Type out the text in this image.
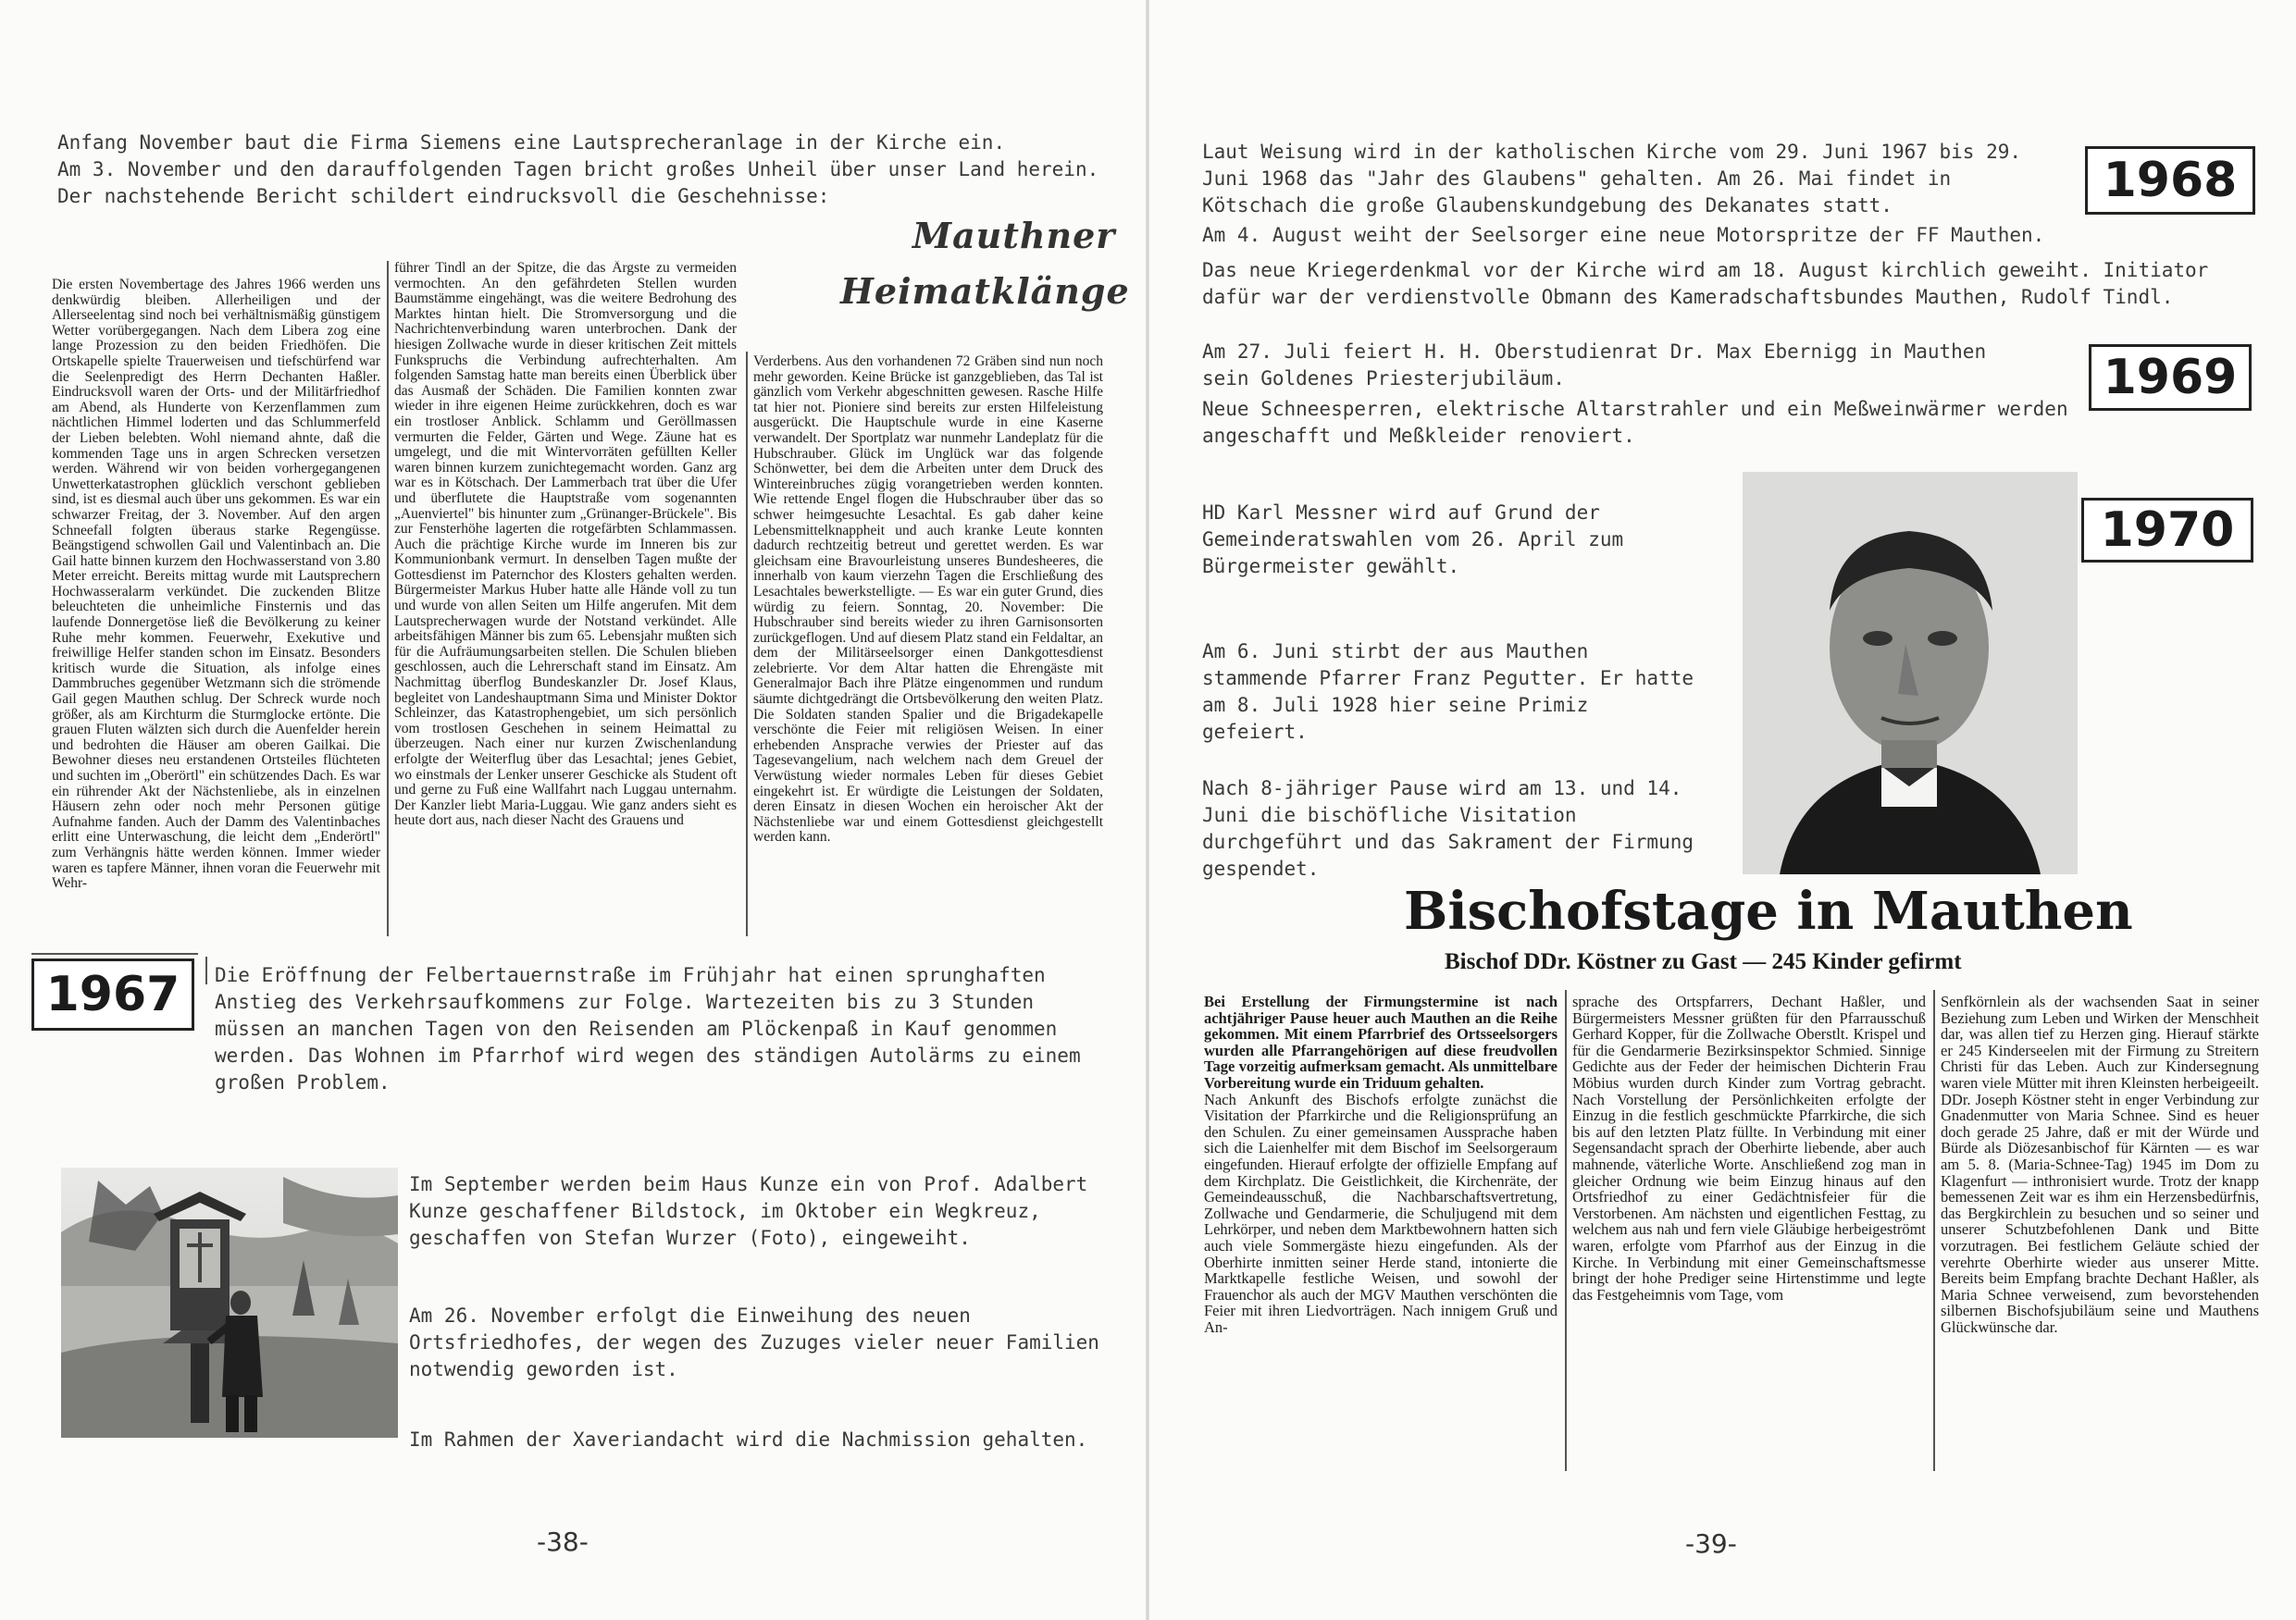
Anfang November baut die Firma Siemens eine Lautsprecheranlage in der Kirche ein.
Am 3. November und den darauffolgenden Tagen bricht großes Unheil über unser Land herein.
Der nachstehende Bericht schildert eindrucksvoll die Geschehnisse:
Mauthner
Heimatklänge

Die ersten Novembertage des Jahres 1966 werden uns denkwürdig bleiben. Allerheiligen und der Allerseelentag sind noch bei verhältnismäßig günstigem Wetter vorübergegangen. Nach dem Libera zog eine lange Prozession zu den beiden Friedhöfen. Die Ortskapelle spielte Trauerweisen und tiefschürfend war die Seelenpredigt des Herrn Dechanten Haßler. Eindrucksvoll waren der Orts- und der Militärfriedhof am Abend, als Hunderte von Kerzenflammen zum nächtlichen Himmel loderten und das Schlummerfeld der Lieben belebten. Wohl niemand ahnte, daß die kommenden Tage uns in argen Schrecken versetzen werden. Während wir von beiden vorhergegangenen Unwetterkatastrophen glücklich verschont geblieben sind, ist es diesmal auch über uns gekommen. Es war ein schwarzer Freitag, der 3. November. Auf den argen Schneefall folgten überaus starke Regengüsse. Beängstigend schwollen Gail und Valentinbach an. Die Gail hatte binnen kurzem den Hochwasserstand von 3.80 Meter erreicht. Bereits mittag wurde mit Lautsprechern Hochwasseralarm verkündet. Die zuckenden Blitze beleuchteten die unheimliche Finsternis und das laufende Donnergetöse ließ die Bevölkerung zu keiner Ruhe mehr kommen. Feuerwehr, Exekutive und freiwillige Helfer standen schon im Einsatz. Besonders kritisch wurde die Situation, als infolge eines Dammbruches gegenüber Wetzmann sich die strömende Gail gegen Mauthen schlug. Der Schreck wurde noch größer, als am Kirchturm die Sturmglocke ertönte. Die grauen Fluten wälzten sich durch die Auenfelder herein und bedrohten die Häuser am oberen Gailkai. Die Bewohner dieses neu erstandenen Ortsteiles flüchteten und suchten im „Oberörtl" ein schützendes Dach. Es war ein rührender Akt der Nächstenliebe, als in einzelnen Häusern zehn oder noch mehr Personen gütige Aufnahme fanden. Auch der Damm des Valentinbaches erlitt eine Unterwaschung, die leicht dem „Enderörtl" zum Verhängnis hätte werden können. Immer wieder waren es tapfere Männer, ihnen voran die Feuerwehr mit Wehr-

führer Tindl an der Spitze, die das Ärgste zu vermeiden vermochten. An den gefährdeten Stellen wurden Baumstämme eingehängt, was die weitere Bedrohung des Marktes hintan hielt. Die Stromversorgung und die Nachrichtenverbindung waren unterbrochen. Dank der hiesigen Zollwache wurde in dieser kritischen Zeit mittels Funkspruchs die Verbindung aufrechterhalten. Am folgenden Samstag hatte man bereits einen Überblick über das Ausmaß der Schäden. Die Familien konnten zwar wieder in ihre eigenen Heime zurückkehren, doch es war ein trostloser Anblick. Schlamm und Geröllmassen vermurten die Felder, Gärten und Wege. Zäune hat es umgelegt, und die mit Wintervorräten gefüllten Keller waren binnen kurzem zunichtegemacht worden. Ganz arg war es in Kötschach. Der Lammerbach trat über die Ufer und überflutete die Hauptstraße vom sogenannten „Auenviertel" bis hinunter zum „Grünanger-Brückele". Bis zur Fensterhöhe lagerten die rotgefärbten Schlammassen. Auch die prächtige Kirche wurde im Inneren bis zur Kommunionbank vermurt. In denselben Tagen mußte der Gottesdienst im Paternchor des Klosters gehalten werden. Bürgermeister Markus Huber hatte alle Hände voll zu tun und wurde von allen Seiten um Hilfe angerufen. Mit dem Lautsprecherwagen wurde der Notstand verkündet. Alle arbeitsfähigen Männer bis zum 65. Lebensjahr mußten sich für die Aufräumungsarbeiten stellen. Die Schulen blieben geschlossen, auch die Lehrerschaft stand im Einsatz. Am Nachmittag überflog Bundeskanzler Dr. Josef Klaus, begleitet von Landeshauptmann Sima und Minister Doktor Schleinzer, das Katastrophengebiet, um sich persönlich vom trostlosen Geschehen in seinem Heimattal zu überzeugen. Nach einer nur kurzen Zwischenlandung erfolgte der Weiterflug über das Lesachtal; jenes Gebiet, wo einstmals der Lenker unserer Geschicke als Student oft und gerne zu Fuß eine Wallfahrt nach Luggau unternahm. Der Kanzler liebt Maria-Luggau. Wie ganz anders sieht es heute dort aus, nach dieser Nacht des Grauens und

Verderbens. Aus den vorhandenen 72 Gräben sind nun noch mehr geworden. Keine Brücke ist ganzgeblieben, das Tal ist gänzlich vom Verkehr abgeschnitten gewesen. Rasche Hilfe tat hier not. Pioniere sind bereits zur ersten Hilfeleistung ausgerückt. Die Hauptschule wurde in eine Kaserne verwandelt. Der Sportplatz war nunmehr Landeplatz für die Hubschrauber. Glück im Unglück war das folgende Schönwetter, bei dem die Arbeiten unter dem Druck des Wintereinbruches zügig vorangetrieben werden konnten. Wie rettende Engel flogen die Hubschrauber über das so schwer heimgesuchte Lesachtal. Es gab daher keine Lebensmittelknappheit und auch kranke Leute konnten dadurch rechtzeitig betreut und gerettet werden. Es war gleichsam eine Bravourleistung unseres Bundesheeres, die innerhalb von kaum vierzehn Tagen die Erschließung des Lesachtales bewerkstelligte. — Es war ein guter Grund, dies würdig zu feiern. Sonntag, 20. November: Die Hubschrauber sind bereits wieder zu ihren Garnisonsorten zurückgeflogen. Und auf diesem Platz stand ein Feldaltar, an dem der Militärseelsorger einen Dankgottesdienst zelebrierte. Vor dem Altar hatten die Ehrengäste mit Generalmajor Bach ihre Plätze eingenommen und rundum säumte dichtgedrängt die Ortsbevölkerung den weiten Platz. Die Soldaten standen Spalier und die Brigadekapelle verschönte die Feier mit religiösen Weisen. In einer erhebenden Ansprache verwies der Priester auf das Tagesevangelium, nach welchem nach dem Greuel der Verwüstung wieder normales Leben für dieses Gebiet eingekehrt ist. Er würdigte die Leistungen der Soldaten, deren Einsatz in diesen Wochen ein heroischer Akt der Nächstenliebe war und einem Gottesdienst gleichgestellt werden kann.

1967	Die Eröffnung der Felbertauernstraße im Frühjahr hat einen sprunghaften Anstieg des Verkehrsaufkommens zur Folge. Wartezeiten bis zu 3 Stunden müssen an manchen Tagen von den Reisenden am Plöckenpaß in Kauf genommen werden. Das Wohnen im Pfarrhof wird wegen des ständigen Autolärms zu einem großen Problem.
Im September werden beim Haus Kunze ein von Prof. Adalbert Kunze geschaffener Bildstock, im Oktober ein Wegkreuz, geschaffen von Stefan Wurzer (Foto), eingeweiht.
Am 26. November erfolgt die Einweihung des neuen Ortsfriedhofes, der wegen des Zuzuges vieler neuer Familien notwendig geworden ist.
Im Rahmen der Xaveriandacht wird die Nachmission gehalten.
-38-
Laut Weisung wird in der katholischen Kirche vom 29. Juni 1967 bis 29. Juni 1968 das "Jahr des Glaubens" gehalten. Am 26. Mai findet in Kötschach die große Glaubenskundgebung des Dekanates statt.	1968
Am 4. August weiht der Seelsorger eine neue Motorspritze der FF Mauthen.
Das neue Kriegerdenkmal vor der Kirche wird am 18. August kirchlich geweiht. Initiator dafür war der verdienstvolle Obmann des Kameradschaftsbundes Mauthen, Rudolf Tindl.
Am 27. Juli feiert H. H. Oberstudienrat Dr. Max Ebernigg in Mauthen sein Goldenes Priesterjubiläum.	1969
Neue Schneesperren, elektrische Altarstrahler und ein Meßweinwärmer werden angeschafft und Meßkleider renoviert.
HD Karl Messner wird auf Grund der Gemeinderatswahlen vom 26. April zum Bürgermeister gewählt.
1970
Am 6. Juni stirbt der aus Mauthen stammende Pfarrer Franz Pegutter. Er hatte am 8. Juli 1928 hier seine Primiz gefeiert.
Nach 8-jähriger Pause wird am 13. und 14. Juni die bischöfliche Visitation durchgeführt und das Sakrament der Firmung gespendet.
Bischofstage in Mauthen
Bischof DDr. Köstner zu Gast — 245 Kinder gefirmt

Bei Erstellung der Firmungstermine ist nach achtjähriger Pause heuer auch Mauthen an die Reihe gekommen. Mit einem Pfarrbrief des Ortsseelsorgers wurden alle Pfarrangehörigen auf diese freudvollen Tage vorzeitig aufmerksam gemacht. Als unmittelbare Vorbereitung wurde ein Triduum gehalten.

Nach Ankunft des Bischofs erfolgte zunächst die Visitation der Pfarrkirche und die Religionsprüfung an den Schulen. Zu einer gemeinsamen Aussprache haben sich die Laienhelfer mit dem Bischof im Seelsorgeraum eingefunden. Hierauf erfolgte der offizielle Empfang auf dem Kirchplatz. Die Geistlichkeit, die Kirchenräte, der Gemeindeausschuß, die Nachbarschaftsvertretung, Zollwache und Gendarmerie, die Schuljugend mit dem Lehrkörper, und neben dem Marktbewohnern hatten sich auch viele Sommergäste hiezu eingefunden. Als der Oberhirte inmitten seiner Herde stand, intonierte die Marktkapelle festliche Weisen, und sowohl der Frauenchor als auch der MGV Mauthen verschönten die Feier mit ihren Liedvorträgen. Nach innigem Gruß und An-

sprache des Ortspfarrers, Dechant Haßler, und Bürgermeisters Messner grüßten für den Pfarrausschuß Gerhard Kopper, für die Zollwache Oberstlt. Krispel und für die Gendarmerie Bezirksinspektor Schmied. Sinnige Gedichte aus der Feder der heimischen Dichterin Frau Möbius wurden durch Kinder zum Vortrag gebracht. Nach Vorstellung der Persönlichkeiten erfolgte der Einzug in die festlich geschmückte Pfarrkirche, die sich bis auf den letzten Platz füllte. In Verbindung mit einer Segensandacht sprach der Oberhirte liebende, aber auch mahnende, väterliche Worte. Anschließend zog man in gleicher Ordnung wie beim Einzug hinaus auf den Ortsfriedhof zu einer Gedächtnisfeier für die Verstorbenen. Am nächsten und eigentlichen Festtag, zu welchem aus nah und fern viele Gläubige herbeigeströmt waren, erfolgte vom Pfarrhof aus der Einzug in die Kirche. In Verbindung mit einer Gemeinschaftsmesse bringt der hohe Prediger seine Hirtenstimme und legte das Festgeheimnis vom Tage, vom

Senfkörnlein als der wachsenden Saat in seiner Beziehung zum Leben und Wirken der Menschheit dar, was allen tief zu Herzen ging. Hierauf stärkte er 245 Kinderseelen mit der Firmung zu Streitern Christi für das Leben. Auch zur Kindersegnung waren viele Mütter mit ihren Kleinsten herbeigeeilt. DDr. Joseph Köstner steht in enger Verbindung zur Gnadenmutter von Maria Schnee. Sind es heuer doch gerade 25 Jahre, daß er mit der Würde und Bürde als Diözesanbischof für Kärnten — es war am 5. 8. (Maria-Schnee-Tag) 1945 im Dom zu Klagenfurt — inthronisiert wurde. Trotz der knapp bemessenen Zeit war es ihm ein Herzensbedürfnis, das Bergkirchlein zu besuchen und so seiner und unserer Schutzbefohlenen Dank und Bitte vorzutragen. Bei festlichem Geläute schied der verehrte Oberhirte wieder aus unserer Mitte. Bereits beim Empfang brachte Dechant Haßler, als Maria Schnee verweisend, zum bevorstehenden silbernen Bischofsjubiläum seine und Mauthens Glückwünsche dar.

-39-
